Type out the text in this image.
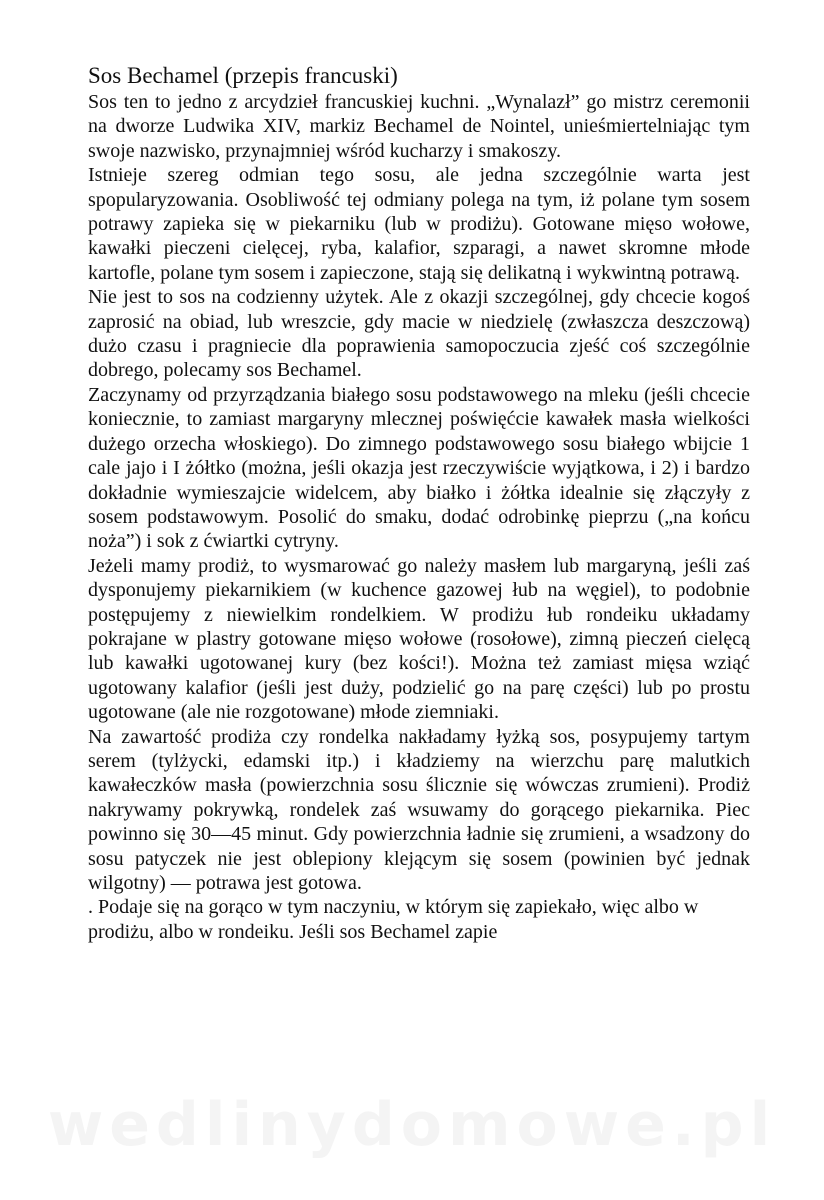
Sos Bechamel (przepis francuski)

Sos ten to jedno z arcydzieł francuskiej kuchni. „Wynalazł” go mistrz ceremonii na dworze Ludwika XIV, markiz Bechamel de Nointel, unieśmiertelniając tym swoje nazwisko, przynajmniej wśród kucharzy i smakoszy.

Istnieje szereg odmian tego sosu, ale jedna szczególnie warta jest spopularyzowania. Osobliwość tej odmiany polega na tym, iż polane tym sosem potrawy zapieka się w piekarniku (lub w prodiżu). Gotowane mięso wołowe, kawałki pieczeni cielęcej, ryba, kalafior, szparagi, a nawet skromne młode kartofle, polane tym sosem i zapieczone, stają się delikatną i wykwintną potrawą.

Nie jest to sos na codzienny użytek. Ale z okazji szczególnej, gdy chcecie kogoś zaprosić na obiad, lub wreszcie, gdy macie w niedzielę (zwłaszcza deszczową) dużo czasu i pragniecie dla poprawienia samopoczucia zjeść coś szczególnie dobrego, polecamy sos Bechamel.

Zaczynamy od przyrządzania białego sosu podstawowego na mleku (jeśli chcecie koniecznie, to zamiast margaryny mlecznej poświęćcie kawałek masła wielkości dużego orzecha włoskiego). Do zimnego podstawowego sosu białego wbijcie 1 cale jajo i I żółtko (można, jeśli okazja jest rzeczywiście wyjątkowa, i 2) i bardzo dokładnie wymieszajcie widelcem, aby białko i żółtka idealnie się złączyły z sosem podstawowym. Posolić do smaku, dodać odrobinkę pieprzu („na końcu noża”) i sok z ćwiartki cytryny.

Jeżeli mamy prodiż, to wysmarować go należy masłem lub margaryną, jeśli zaś dysponujemy piekarnikiem (w kuchence gazowej łub na węgiel), to podobnie postępujemy z niewielkim rondelkiem. W prodiżu łub rondeiku układamy pokrajane w plastry gotowane mięso wołowe (rosołowe), zimną pieczeń cielęcą lub kawałki ugotowanej kury (bez kości!). Można też zamiast mięsa wziąć ugotowany kalafior (jeśli jest duży, podzielić go na parę części) lub po prostu ugotowane (ale nie rozgotowane) młode ziemniaki.

Na zawartość prodiża czy rondelka nakładamy łyżką sos, posypujemy tartym serem (tylżycki, edamski itp.) i kładziemy na wierzchu parę malutkich kawałeczków masła (powierzchnia sosu ślicznie się wówczas zrumieni). Prodiż nakrywamy pokrywką, rondelek zaś wsuwamy do gorącego piekarnika. Piec powinno się 30—45 minut. Gdy powierzchnia ładnie się zrumieni, a wsadzony do sosu patyczek nie jest oblepiony klejącym się sosem (powinien być jednak wilgotny) — potrawa jest gotowa.

. Podaje się na gorąco w tym naczyniu, w którym się zapiekało, więc albo w prodiżu, albo w rondeiku. Jeśli sos Bechamel zapie

wedlinydomowe.pl
